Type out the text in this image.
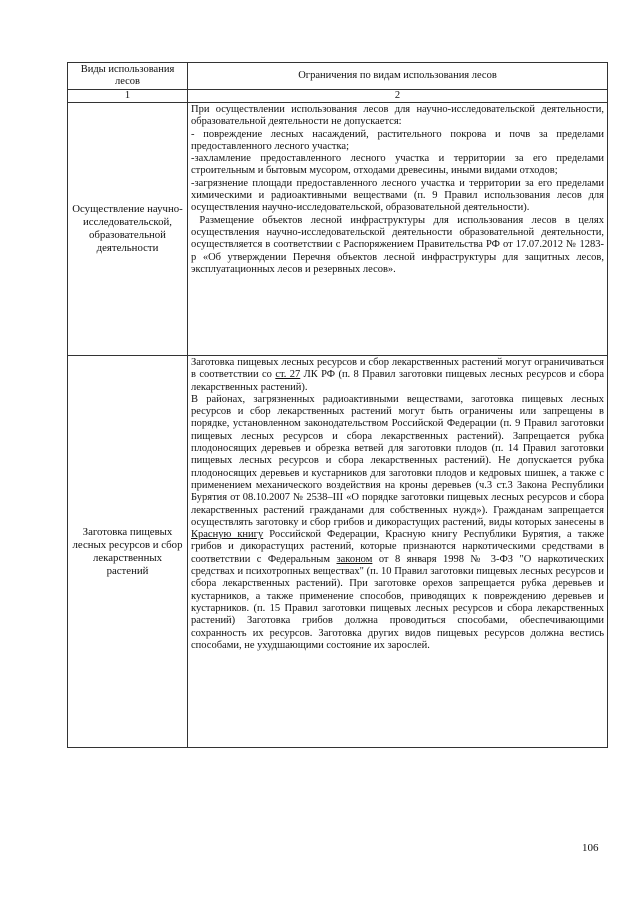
Виды использования лесов	Ограничения по видам использования лесов
1	2
Осуществление научно-исследовательской, образовательной деятельности	При осуществлении использования лесов для научно-исследовательской деятельности, образовательной деятельности не допускается:

- повреждение лесных насаждений, растительного покрова и почв за пределами предоставленного лесного участка;

-захламление предоставленного лесного участка и территории за его пределами строительным и бытовым мусором, отходами древесины, иными видами отходов;

-загрязнение площади предоставленного лесного участка и территории за его пределами химическими и радиоактивными веществами (п. 9 Правил использования лесов для осуществления научно-исследовательской, образовательной деятельности).

Размещение объектов лесной инфраструктуры для использования лесов в целях осуществления научно-исследовательской деятельности образовательной деятельности, осуществляется в соответствии с Распоряжением Правительства РФ от 17.07.2012 № 1283-р «Об утверждении Перечня объектов лесной инфраструктуры для защитных лесов, эксплуатационных лесов и резервных лесов».

Заготовка пищевых лесных ресурсов и сбор лекарственных растений	Заготовка пищевых лесных ресурсов и сбор лекарственных растений могут ограничиваться в соответствии со ст. 27 ЛК РФ (п. 8 Правил заготовки пищевых лесных ресурсов и сбора лекарственных растений).

В районах, загрязненных радиоактивными веществами, заготовка пищевых лесных ресурсов и сбор лекарственных растений могут быть ограничены или запрещены в порядке, установленном законодательством Российской Федерации (п. 9 Правил заготовки пищевых лесных ресурсов и сбора лекарственных растений). Запрещается рубка плодоносящих деревьев и обрезка ветвей для заготовки плодов (п. 14 Правил заготовки пищевых лесных ресурсов и сбора лекарственных растений). Не допускается рубка плодоносящих деревьев и кустарников для заготовки плодов и кедровых шишек, а также с применением механического воздействия на кроны деревьев (ч.3 ст.3 Закона Республики Бурятия от 08.10.2007 № 2538–III «О порядке заготовки пищевых лесных ресурсов и сбора лекарственных растений гражданами для собственных нужд»). Гражданам запрещается осуществлять заготовку и сбор грибов и дикорастущих растений, виды которых занесены в Красную книгу Российской Федерации, Красную книгу Республики Бурятия, а также грибов и дикорастущих растений, которые признаются наркотическими средствами в соответствии с Федеральным законом от 8 января 1998 № 3-ФЗ "О наркотических средствах и психотропных веществах" (п. 10 Правил заготовки пищевых лесных ресурсов и сбора лекарственных растений). При заготовке орехов запрещается рубка деревьев и кустарников, а также применение способов, приводящих к повреждению деревьев и кустарников. (п. 15 Правил заготовки пищевых лесных ресурсов и сбора лекарственных растений) Заготовка грибов должна проводиться способами, обеспечивающими сохранность их ресурсов. Заготовка других видов пищевых ресурсов должна вестись способами, не ухудшающими состояние их зарослей.

106
